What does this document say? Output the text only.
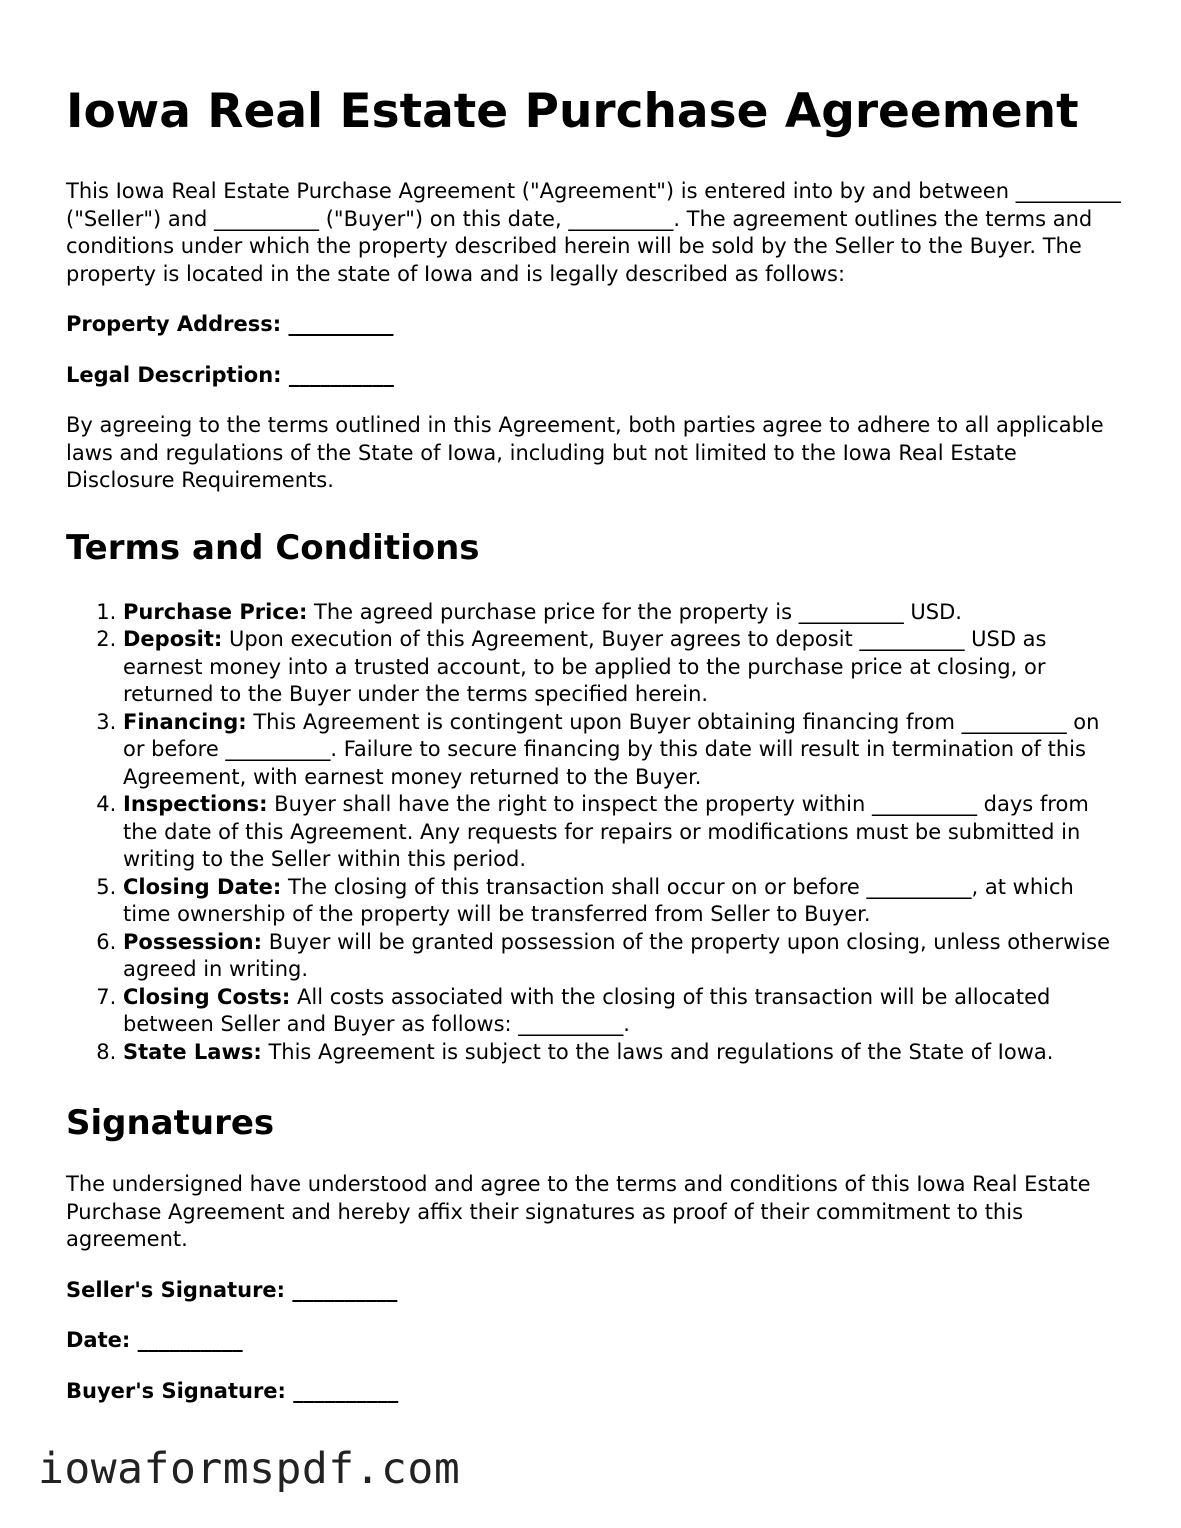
Iowa Real Estate Purchase Agreement

This Iowa Real Estate Purchase Agreement ("Agreement") is entered into by and between __________ ("Seller") and __________ ("Buyer") on this date, __________. The agreement outlines the terms and conditions under which the property described herein will be sold by the Seller to the Buyer. The property is located in the state of Iowa and is legally described as follows:

Property Address: __________

Legal Description: __________

By agreeing to the terms outlined in this Agreement, both parties agree to adhere to all applicable laws and regulations of the State of Iowa, including but not limited to the Iowa Real Estate Disclosure Requirements.

Terms and Conditions
1. Purchase Price: The agreed purchase price for the property is __________ USD.
2. Deposit: Upon execution of this Agreement, Buyer agrees to deposit __________ USD as earnest money into a trusted account, to be applied to the purchase price at closing, or returned to the Buyer under the terms specified herein.
3. Financing: This Agreement is contingent upon Buyer obtaining financing from __________ on or before __________. Failure to secure financing by this date will result in termination of this Agreement, with earnest money returned to the Buyer.
4. Inspections: Buyer shall have the right to inspect the property within __________ days from the date of this Agreement. Any requests for repairs or modifications must be submitted in writing to the Seller within this period.
5. Closing Date: The closing of this transaction shall occur on or before __________, at which time ownership of the property will be transferred from Seller to Buyer.
6. Possession: Buyer will be granted possession of the property upon closing, unless otherwise agreed in writing.
7. Closing Costs: All costs associated with the closing of this transaction will be allocated between Seller and Buyer as follows: __________.
8. State Laws: This Agreement is subject to the laws and regulations of the State of Iowa.
Signatures

The undersigned have understood and agree to the terms and conditions of this Iowa Real Estate Purchase Agreement and hereby affix their signatures as proof of their commitment to this agreement.

Seller's Signature: __________

Date: __________

Buyer's Signature: __________

iowaformspdf.com
